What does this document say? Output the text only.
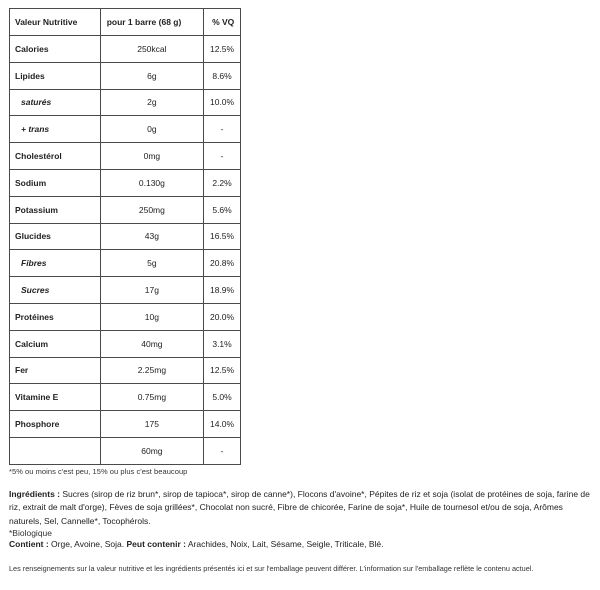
Valeur Nutritive	pour 1 barre (68 g)	% VQ
Calories	250kcal	12.5%
Lipides	6g	8.6%
saturés	2g	10.0%
+ trans	0g	-
Cholestérol	0mg	-
Sodium	0.130g	2.2%
Potassium	250mg	5.6%
Glucides	43g	16.5%
Fibres	5g	20.8%
Sucres	17g	18.9%
Protéines	10g	20.0%
Calcium	40mg	3.1%
Fer	2.25mg	12.5%
Vitamine E	0.75mg	5.0%
Phosphore	175	14.0%
	60mg	-
*5% ou moins c'est peu, 15% ou plus c'est beaucoup
Ingrédients : Sucres (sirop de riz brun*, sirop de tapioca*, sirop de canne*), Flocons d'avoine*, Pépites de riz et soja (isolat de protéines de soja, farine de riz, extrait de malt d'orge), Fèves de soja grillées*, Chocolat non sucré, Fibre de chicorée, Farine de soja*, Huile de tournesol et/ou de soja, Arômes naturels, Sel, Cannelle*, Tocophérols.
*Biologique
Contient : Orge, Avoine, Soja. Peut contenir : Arachides, Noix, Lait, Sésame, Seigle, Triticale, Blé.
Les renseignements sur la valeur nutritive et les ingrédients présentés ici et sur l'emballage peuvent différer. L'information sur l'emballage reflète le contenu actuel.
